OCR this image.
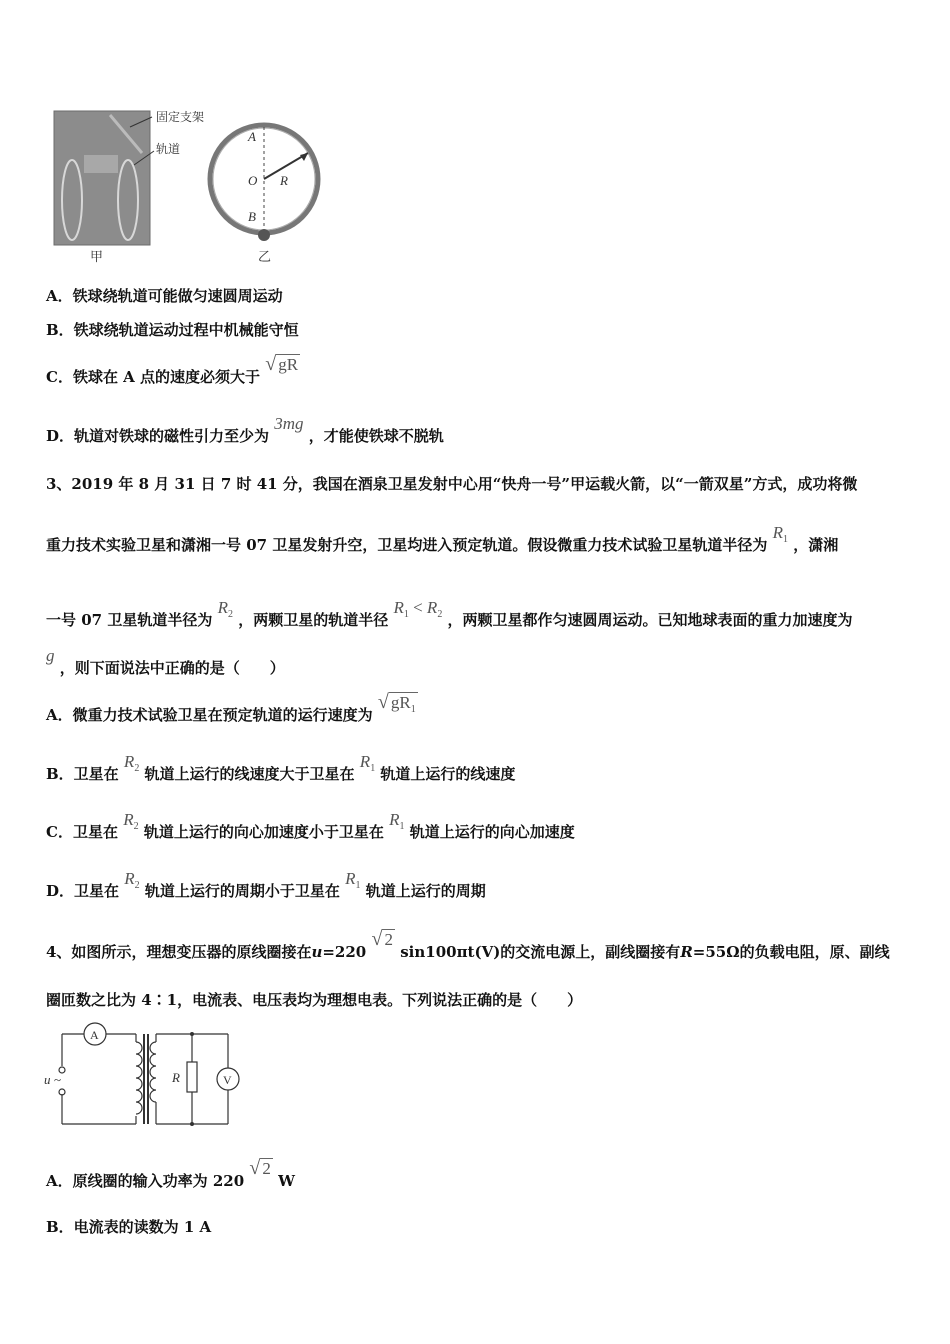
固定支架
轨道
A
O R
B
甲	乙
A．铁球绕轨道可能做匀速圆周运动
B．铁球绕轨道运动过程中机械能守恒
C．铁球在 A 点的速度必须大于 √ gR
D．轨道对铁球的磁性引力至少为 3mg ，才能使铁球不脱轨
3、2019 年 8 月 31 日 7 时 41 分，我国在酒泉卫星发射中心用“快舟一号”甲运载火箭，以“一箭双星”方式，成功将微
重力技术实验卫星和潇湘一号 07 卫星发射升空，卫星均进入预定轨道。假设微重力技术试验卫星轨道半径为 $R_1$ ，潇湘
一号 07 卫星轨道半径为 $R_2$ ，两颗卫星的轨道半径 $R_1 < R_2$ ，两颗卫星都作匀速圆周运动。已知地球表面的重力加速度为
g ，则下面说法中正确的是（　　）
A．微重力技术试验卫星在预定轨道的运行速度为 √ $gR_1$
B．卫星在 $R_2$ 轨道上运行的线速度大于卫星在 $R_1$ 轨道上运行的线速度
C．卫星在 $R_2$ 轨道上运行的向心加速度小于卫星在 $R_1$ 轨道上运行的向心加速度
D．卫星在 $R_2$ 轨道上运行的周期小于卫星在 $R_1$ 轨道上运行的周期
4、如图所示，理想变压器的原线圈接在u=220 √ 2 sin100πt(V)的交流电源上，副线圈接有R=55Ω的负载电阻，原、副线
圈匝数之比为 4∶1，电流表、电压表均为理想电表。下列说法正确的是（　　）
A
V
u ~	R
A．原线圈的输入功率为 220 √ 2 W
B．电流表的读数为 1 A
